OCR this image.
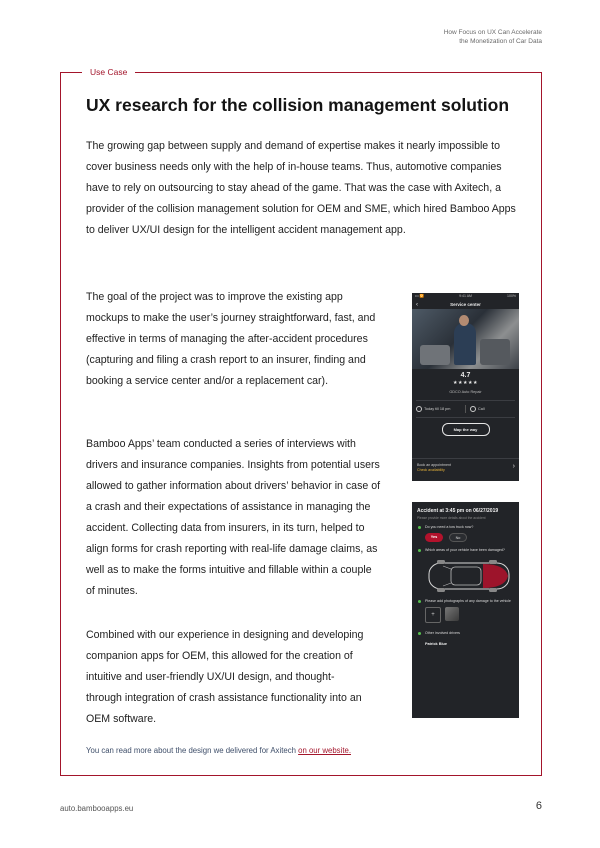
How Focus on UX Can Accelerate
the Monetization of Car Data
Use Case
UX research for the collision management solution

The growing gap between supply and demand of expertise makes it nearly impossible to cover business needs only with the help of in-house teams. Thus, automotive companies have to rely on outsourcing to stay ahead of the game. That was the case with Axitech, a provider of the collision management solution for OEM and SME, which hired Bamboo Apps to deliver UX/UI design for the intelligent accident management app.

The goal of the project was to improve the existing app mockups to make the user’s journey straightforward, fast, and effective in terms of managing the after-accident procedures (capturing and filing a crash report to an insurer, finding and booking a service center and/or a replacement car).

Bamboo Apps’ team conducted a series of interviews with drivers and insurance companies. Insights from potential users allowed to gather information about drivers’ behavior in case of a crash and their expectations of assistance in managing the accident. Collecting data from insurers, in its turn, helped to align forms for crash reporting with real-life damage claims, as well as to make the forms intuitive and fillable within a couple of minutes.

Combined with our experience in designing and developing companion apps for OEM, this allowed for the creation of intuitive and user-friendly UX/UI design, and thought-through integration of crash assistance functionality into an OEM software.

You can read more about the design we delivered for Axitech on our website.
••• 🛜	9:41 AM	100%
‹	Service center
4.7
★★★★★
GDCO Auto Repair
Today till 18 pm	Call
Map the way
Book an appointment
Check availability	›
Accident at 3:45 pm on 06/27/2019
Please provide more details about the accident
Do you need a tow truck now?
Yes	No
Which areas of your vehicle have been damaged?
Please add photographs of any damage to the vehicle
+
Other involved drivers
Patrick Blue
auto.bambooapps.eu	6
